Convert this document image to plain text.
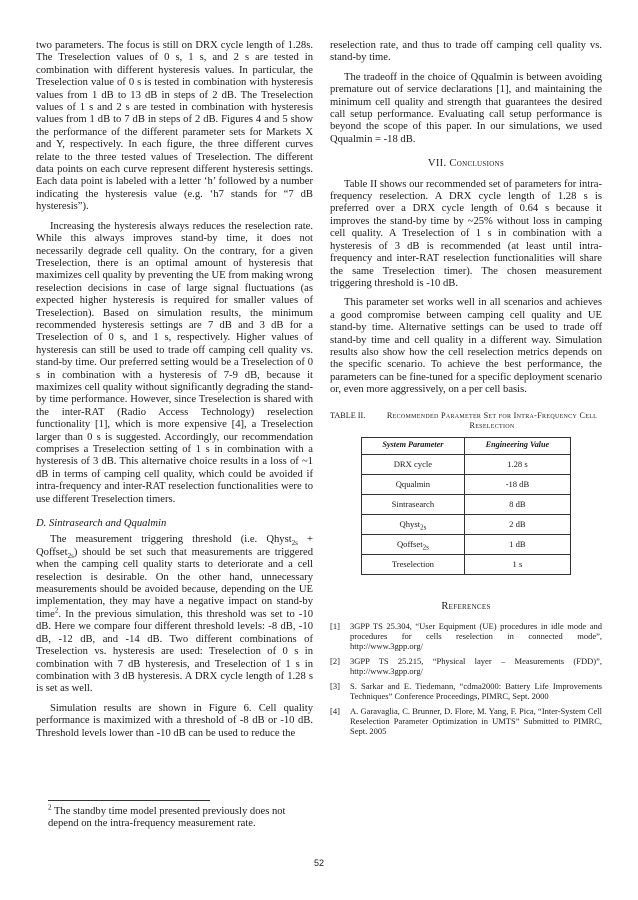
two parameters. The focus is still on DRX cycle length of 1.28s. The Treselection values of 0 s, 1 s, and 2 s are tested in combination with different hysteresis values. In particular, the Treselection value of 0 s is tested in combination with hysteresis values from 1 dB to 13 dB in steps of 2 dB. The Treselection values of 1 s and 2 s are tested in combination with hysteresis values from 1 dB to 7 dB in steps of 2 dB. Figures 4 and 5 show the performance of the different parameter sets for Markets X and Y, respectively. In each figure, the three different curves relate to the three tested values of Treselection. The different data points on each curve represent different hysteresis settings. Each data point is labeled with a letter ‘h’ followed by a number indicating the hysteresis value (e.g. ‘h7 stands for “7 dB hysteresis”).

Increasing the hysteresis always reduces the reselection rate. While this always improves stand-by time, it does not necessarily degrade cell quality. On the contrary, for a given Treselection, there is an optimal amount of hysteresis that maximizes cell quality by preventing the UE from making wrong reselection decisions in case of large signal fluctuations (as expected higher hysteresis is required for smaller values of Treselection). Based on simulation results, the minimum recommended hysteresis settings are 7 dB and 3 dB for a Treselection of 0 s, and 1 s, respectively. Higher values of hysteresis can still be used to trade off camping cell quality vs. stand-by time. Our preferred setting would be a Treselection of 0 s in combination with a hysteresis of 7-9 dB, because it maximizes cell quality without significantly degrading the stand-by time performance. However, since Treselection is shared with the inter-RAT (Radio Access Technology) reselection functionality [1], which is more expensive [4], a Treselection larger than 0 s is suggested. Accordingly, our recommendation comprises a Treselection setting of 1 s in combination with a hysteresis of 3 dB. This alternative choice results in a loss of ~1 dB in terms of camping cell quality, which could be avoided if intra-frequency and inter-RAT reselection functionalities were to use different Treselection timers.

D. Sintrasearch and Qqualmin

The measurement triggering threshold (i.e. Qhyst$_{2s}$ + Qoffset$_{2s}$) should be set such that measurements are triggered when the camping cell quality starts to deteriorate and a cell reselection is desirable. On the other hand, unnecessary measurements should be avoided because, depending on the UE implementation, they may have a negative impact on stand-by time$^2$. In the previous simulation, this threshold was set to -10 dB. Here we compare four different threshold levels: -8 dB, -10 dB, -12 dB, and -14 dB. Two different combinations of Treselection vs. hysteresis are used: Treselection of 0 s in combination with 7 dB hysteresis, and Treselection of 1 s in combination with 3 dB hysteresis. A DRX cycle length of 1.28 s is set as well.

Simulation results are shown in Figure 6. Cell quality performance is maximized with a threshold of -8 dB or -10 dB. Threshold levels lower than -10 dB can be used to reduce the

$^2$ The standby time model presented previously does not depend on the intra-frequency measurement rate.

reselection rate, and thus to trade off camping cell quality vs. stand-by time.

The tradeoff in the choice of Qqualmin is between avoiding premature out of service declarations [1], and maintaining the minimum cell quality and strength that guarantees the desired call setup performance. Evaluating call setup performance is beyond the scope of this paper. In our simulations, we used Qqualmin = -18 dB.

VII. Conclusions

Table II shows our recommended set of parameters for intra-frequency reselection. A DRX cycle length of 1.28 s is preferred over a DRX cycle length of 0.64 s because it improves the stand-by time by ~25% without loss in camping cell quality. A Treselection of 1 s in combination with a hysteresis of 3 dB is recommended (at least until intra-frequency and inter-RAT reselection functionalities will share the same Treselection timer). The chosen measurement triggering threshold is -10 dB.

This parameter set works well in all scenarios and achieves a good compromise between camping cell quality and UE stand-by time. Alternative settings can be used to trade off stand-by time and cell quality in a different way. Simulation results also show how the cell reselection metrics depends on the specific scenario. To achieve the best performance, the parameters can be fine-tuned for a specific deployment scenario or, even more aggressively, on a per cell basis.

TABLE II.	Recommended Parameter Set for Intra-Frequency Cell Reselection
System Parameter	Engineering Value
DRX cycle	1.28 s
Qqualmin	-18 dB
Sintrasearch	8 dB
Qhyst$_{2s}$	2 dB
Qoffset$_{2s}$	1 dB
Treselection	1 s
References
[1]	3GPP TS 25.304, “User Equipment (UE) procedures in idle mode and procedures for cells reselection in connected mode”, http://www.3gpp.org/
[2]	3GPP TS 25.215, “Physical layer – Measurements (FDD)”, http://www.3gpp.org/
[3]	S. Sarkar and E. Tiedemann, “cdma2000: Battery Life Improvements Techniques” Conference Proceedings, PIMRC, Sept. 2000
[4]	A. Garavaglia, C. Brunner, D. Flore, M. Yang, F. Pica, “Inter-System Cell Reselection Parameter Optimization in UMTS” Submitted to PIMRC, Sept. 2005
52
